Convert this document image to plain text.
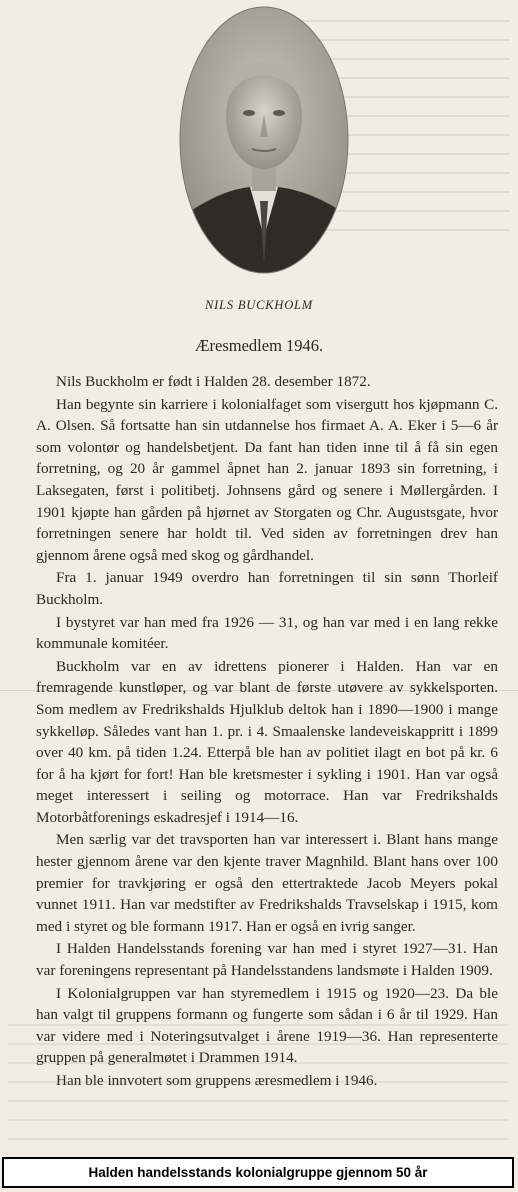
NILS BUCKHOLM
Æresmedlem 1946.

Nils Buckholm er født i Halden 28. desember 1872.

Han begynte sin karriere i kolonialfaget som visergutt hos kjøpmann C. A. Olsen. Så fortsatte han sin utdannelse hos firmaet A. A. Eker i 5—6 år som volontør og handelsbetjent. Da fant han tiden inne til å få sin egen forretning, og 20 år gammel åpnet han 2. januar 1893 sin forretning, i Laksegaten, først i politibetj. Johnsens gård og senere i Møllergården. I 1901 kjøpte han gården på hjørnet av Storgaten og Chr. Augustsgate, hvor forretningen senere har holdt til. Ved siden av forretningen drev han gjennom årene også med skog og gårdhandel.

Fra 1. januar 1949 overdro han forretningen til sin sønn Thorleif Buckholm.

I bystyret var han med fra 1926 — 31, og han var med i en lang rekke kommunale komitéer.

Buckholm var en av idrettens pionerer i Halden. Han var en fremragende kunstløper, og var blant de første utøvere av sykkelsporten. Som medlem av Fredrikshalds Hjulklub deltok han i 1890—1900 i mange sykkelløp. Således vant han 1. pr. i 4. Smaalenske landeveiskappritt i 1899 over 40 km. på tiden 1.24. Etterpå ble han av politiet ilagt en bot på kr. 6 for å ha kjørt for fort! Han ble kretsmester i sykling i 1901. Han var også meget interessert i seiling og motorrace. Han var Fredrikshalds Motorbåtforenings eskadresjef i 1914—16.

Men særlig var det travsporten han var interessert i. Blant hans mange hester gjennom årene var den kjente traver Magnhild. Blant hans over 100 premier for travkjøring er også den ettertraktede Jacob Meyers pokal vunnet 1911. Han var medstifter av Fredrikshalds Travselskap i 1915, kom med i styret og ble formann 1917. Han er også en ivrig sanger.

I Halden Handelsstands forening var han med i styret 1927—31. Han var foreningens representant på Handelsstandens landsmøte i Halden 1909.

I Kolonialgruppen var han styremedlem i 1915 og 1920—23. Da ble han valgt til gruppens formann og fungerte som sådan i 6 år til 1929. Han var videre med i Noteringsutvalget i årene 1919—36. Han representerte gruppen på generalmøtet i Drammen 1914.

Han ble innvotert som gruppens æresmedlem i 1946.

Halden handelsstands kolonialgruppe gjennom 50 år
